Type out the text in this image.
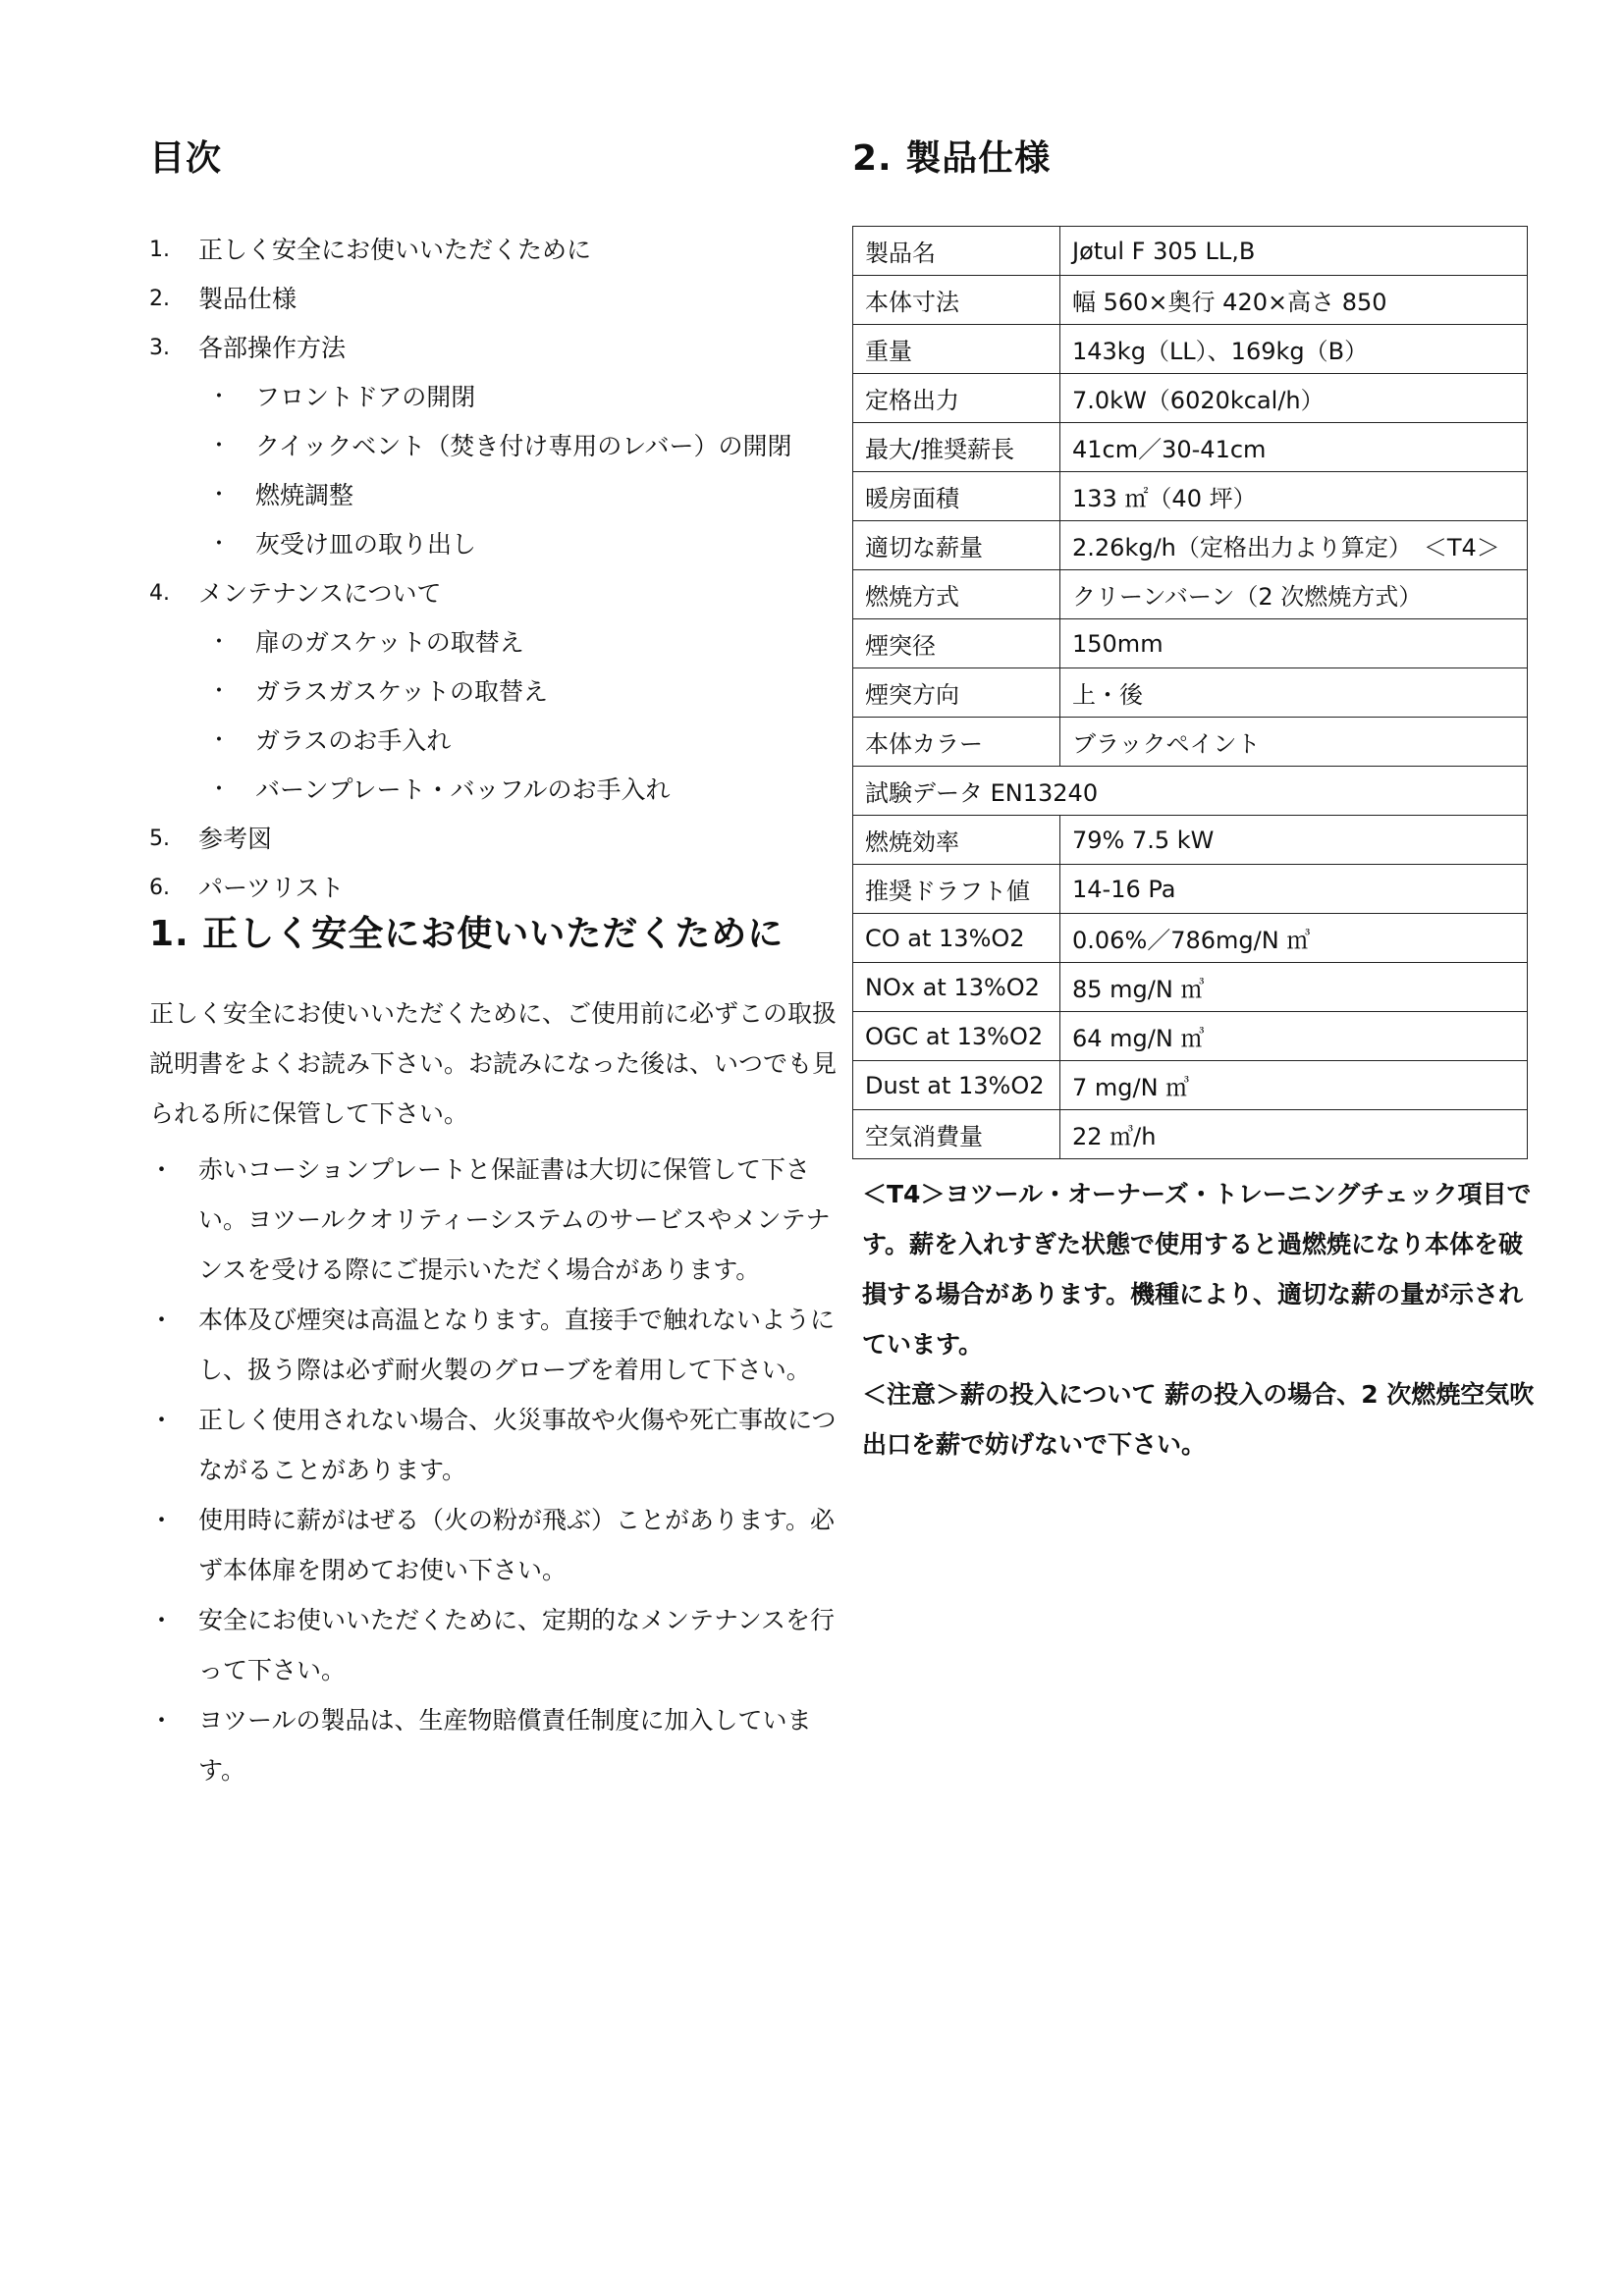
目次
1.	正しく安全にお使いいただくために
2.	製品仕様
3.	各部操作方法
・ フロントドアの開閉
・ クイックベント（焚き付け専用のレバー）の開閉
・ 燃焼調整
・ 灰受け皿の取り出し
4.	メンテナンスについて
・ 扉のガスケットの取替え
・ ガラスガスケットの取替え
・ ガラスのお手入れ
・ バーンプレート・バッフルのお手入れ
5.	参考図
6.	パーツリスト
1. 正しく安全にお使いいただくために
正しく安全にお使いいただくために、ご使用前に必ずこの取扱説明書をよくお読み下さい。お読みになった後は、いつでも見られる所に保管して下さい。
・ 赤いコーションプレートと保証書は大切に保管して下さい。ヨツールクオリティーシステムのサービスやメンテナンスを受ける際にご提示いただく場合があります。
・ 本体及び煙突は高温となります。直接手で触れないようにし、扱う際は必ず耐火製のグローブを着用して下さい。
・ 正しく使用されない場合、火災事故や火傷や死亡事故につながることがあります。
・ 使用時に薪がはぜる（火の粉が飛ぶ）ことがあります。必ず本体扉を閉めてお使い下さい。
・ 安全にお使いいただくために、定期的なメンテナンスを行って下さい。
・ ヨツールの製品は、生産物賠償責任制度に加入しています。
2. 製品仕様
製品名	Jøtul F 305 LL,B
本体寸法	幅 560×奥行 420×高さ 850
重量	143kg（LL）、169kg（B）
定格出力	7.0kW（6020kcal/h）
最大/推奨薪長	41cm／30-41cm
暖房面積	133 ㎡（40 坪）
適切な薪量	2.26kg/h（定格出力より算定）　＜T4＞
燃焼方式	クリーンバーン（2 次燃焼方式）
煙突径	150mm
煙突方向	上・後
本体カラー	ブラックペイント
試験データ EN13240	
燃焼効率	79% 7.5 kW
推奨ドラフト値	14-16 Pa
CO at 13%O2	0.06%／786mg/N ㎥
NOx at 13%O2	85 mg/N ㎥
OGC at 13%O2	64 mg/N ㎥
Dust at 13%O2	7 mg/N ㎥
空気消費量	22 ㎥/h
＜T4＞ヨツール・オーナーズ・トレーニングチェック項目です。薪を入れすぎた状態で使用すると過燃焼になり本体を破損する場合があります。機種により、適切な薪の量が示されています。
＜注意＞薪の投入について 薪の投入の場合、2 次燃焼空気吹出口を薪で妨げないで下さい。
